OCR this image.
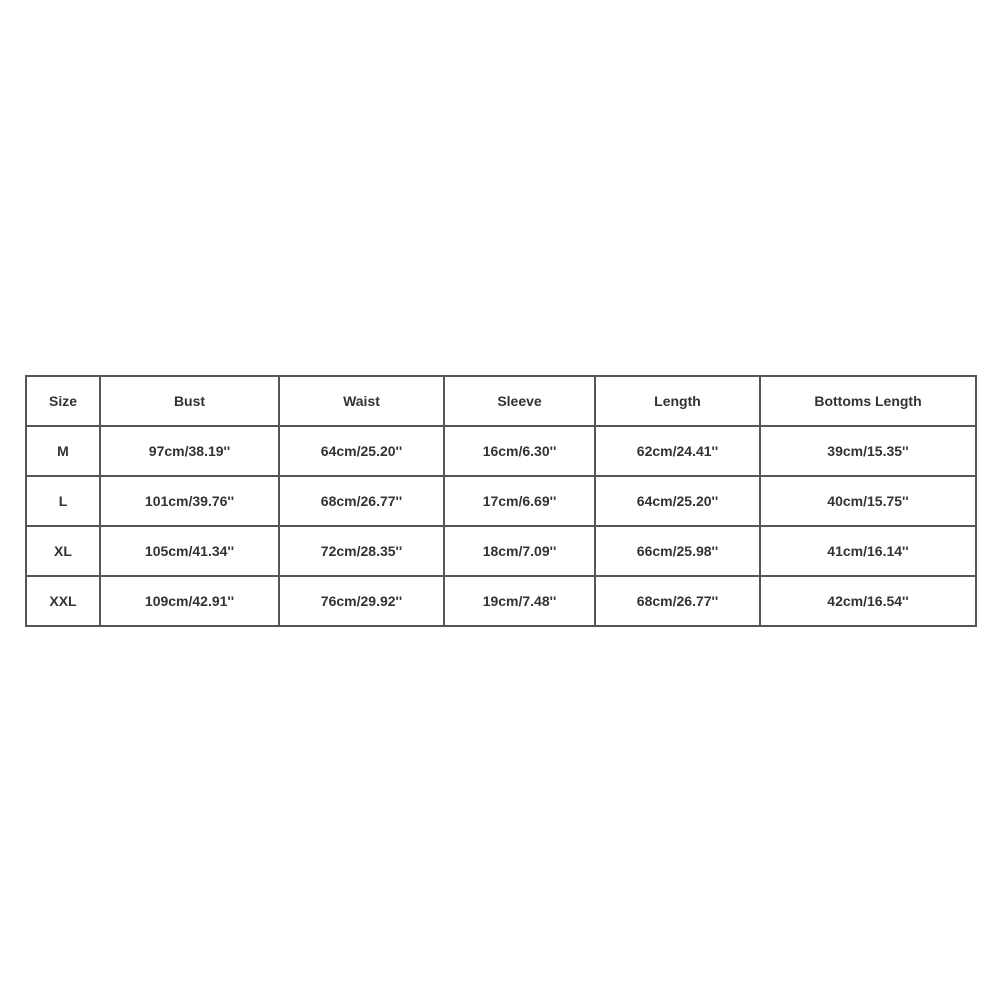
Size	Bust	Waist	Sleeve	Length	Bottoms Length
M	97cm/38.19''	64cm/25.20''	16cm/6.30''	62cm/24.41''	39cm/15.35''
L	101cm/39.76''	68cm/26.77''	17cm/6.69''	64cm/25.20''	40cm/15.75''
XL	105cm/41.34''	72cm/28.35''	18cm/7.09''	66cm/25.98''	41cm/16.14''
XXL	109cm/42.91''	76cm/29.92''	19cm/7.48''	68cm/26.77''	42cm/16.54''
